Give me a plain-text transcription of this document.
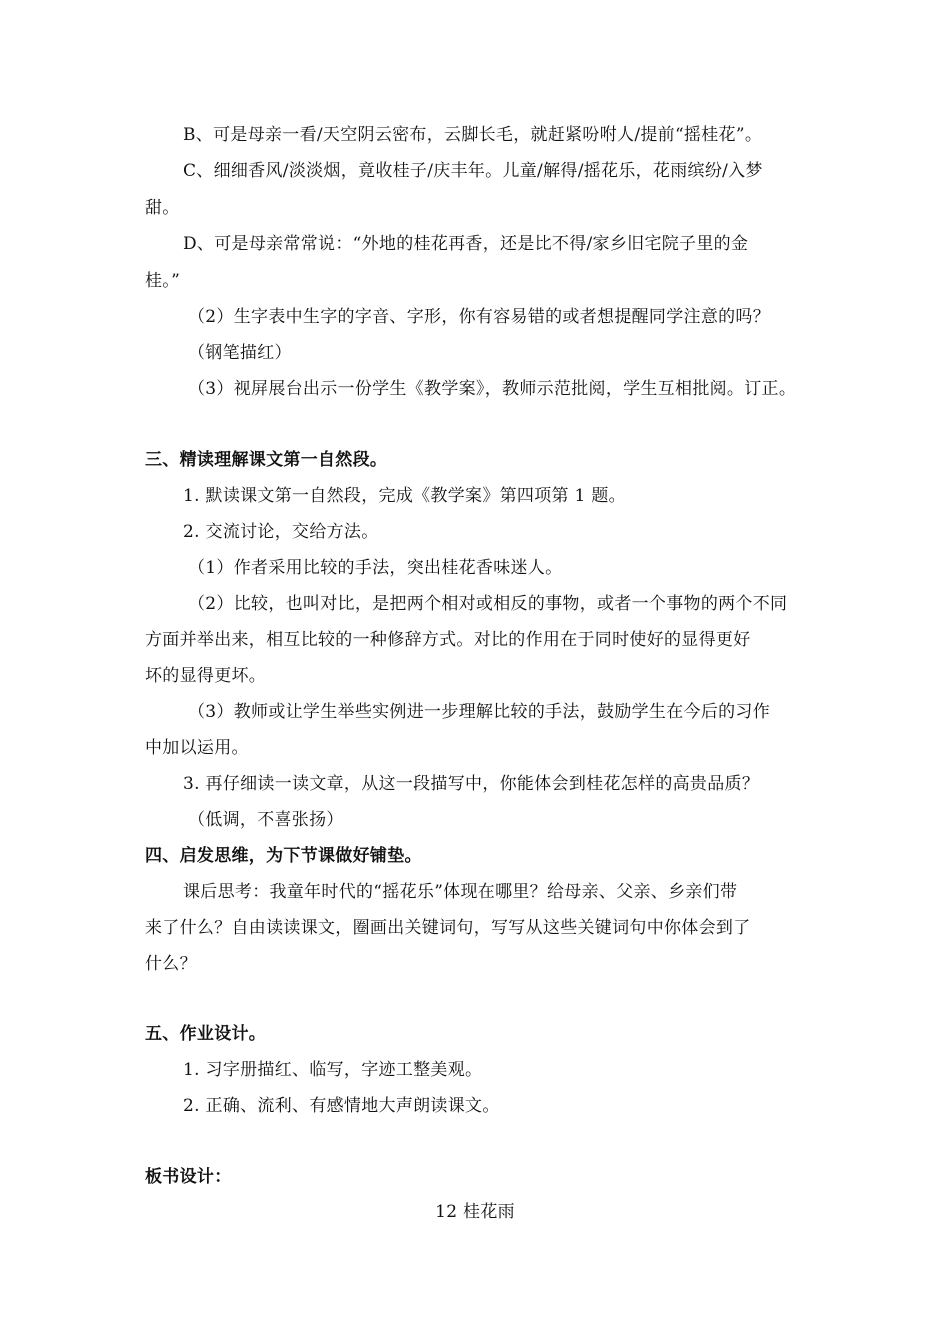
B、可是母亲一看/天空阴云密布，云脚长毛，就赶紧吩咐人/提前“摇桂花”。
C、细细香风/淡淡烟，竟收桂子/庆丰年。儿童/解得/摇花乐，花雨缤纷/入梦
甜。
D、可是母亲常常说：“外地的桂花再香，还是比不得/家乡旧宅院子里的金
桂。”
（2）生字表中生字的字音、字形，你有容易错的或者想提醒同学注意的吗？
（钢笔描红）
（3）视屏展台出示一份学生《教学案》，教师示范批阅，学生互相批阅。订正。
三、精读理解课文第一自然段。
1. 默读课文第一自然段，完成《教学案》第四项第 1 题。
2. 交流讨论，交给方法。
（1）作者采用比较的手法，突出桂花香味迷人。
（2）比较，也叫对比，是把两个相对或相反的事物，或者一个事物的两个不同
方面并举出来，相互比较的一种修辞方式。对比的作用在于同时使好的显得更好
坏的显得更坏。
（3）教师或让学生举些实例进一步理解比较的手法，鼓励学生在今后的习作
中加以运用。
3. 再仔细读一读文章，从这一段描写中，你能体会到桂花怎样的高贵品质？
（低调，不喜张扬）
四、启发思维，为下节课做好铺垫。
课后思考：我童年时代的“摇花乐”体现在哪里？给母亲、父亲、乡亲们带
来了什么？自由读读课文，圈画出关键词句，写写从这些关键词句中你体会到了
什么？
五、作业设计。
1. 习字册描红、临写，字迹工整美观。
2. 正确、流利、有感情地大声朗读课文。
板书设计：
12 桂花雨
